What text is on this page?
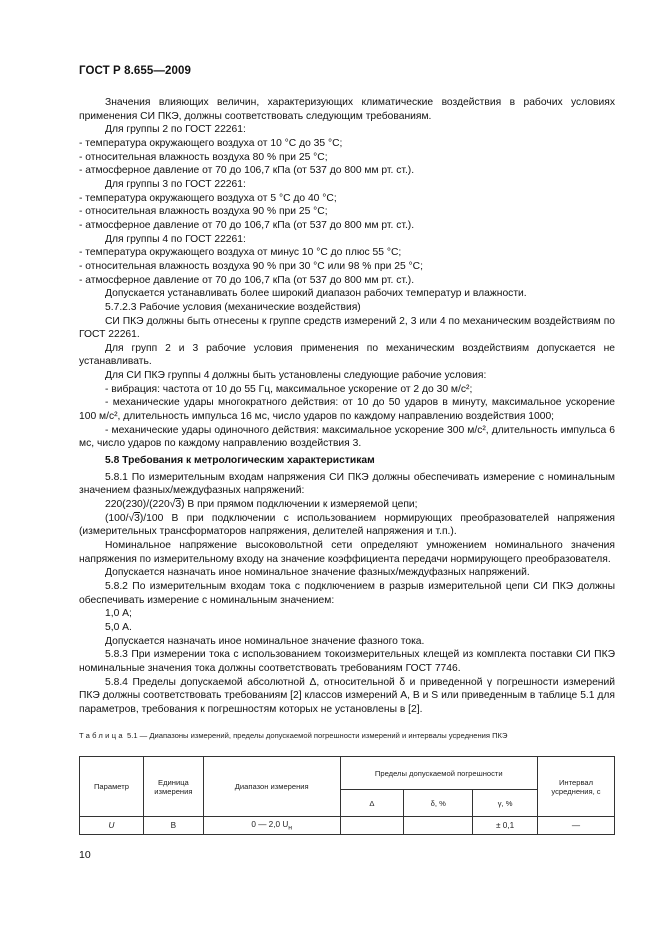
ГОСТ Р 8.655—2009
Значения влияющих величин, характеризующих климатические воздействия в рабочих условиях применения СИ ПКЭ, должны соответствовать следующим требованиям.
Для группы 2 по ГОСТ 22261:
- температура окружающего воздуха от 10 °С до 35 °С;
- относительная влажность воздуха 80 % при 25 °С;
- атмосферное давление от 70 до 106,7 кПа (от 537 до 800 мм рт. ст.).
Для группы 3 по ГОСТ 22261:
- температура окружающего воздуха от 5 °С до 40 °С;
- относительная влажность воздуха 90 % при 25 °С;
- атмосферное давление от 70 до 106,7 кПа (от 537 до 800 мм рт. ст.).
Для группы 4 по ГОСТ 22261:
- температура окружающего воздуха от минус 10 °С до плюс 55 °С;
- относительная влажность воздуха 90 % при 30 °С или 98 % при 25 °С;
- атмосферное давление от 70 до 106,7 кПа (от 537 до 800 мм рт. ст.).
Допускается устанавливать более широкий диапазон рабочих температур и влажности.
5.7.2.3 Рабочие условия (механические воздействия)
СИ ПКЭ должны быть отнесены к группе средств измерений 2, 3 или 4 по механическим воздействиям по ГОСТ 22261.
Для групп 2 и 3 рабочие условия применения по механическим воздействиям допускается не устанавливать.
Для СИ ПКЭ группы 4 должны быть установлены следующие рабочие условия:
- вибрация: частота от 10 до 55 Гц, максимальное ускорение от 2 до 30 м/с²;
- механические удары многократного действия: от 10 до 50 ударов в минуту, максимальное ускорение 100 м/с², длительность импульса 16 мс, число ударов по каждому направлению воздействия 1000;
- механические удары одиночного действия: максимальное ускорение 300 м/с², длительность импульса 6 мс, число ударов по каждому направлению воздействия 3.
5.8 Требования к метрологическим характеристикам
5.8.1 По измерительным входам напряжения СИ ПКЭ должны обеспечивать измерение с номинальным значением фазных/междуфазных напряжений:
220(230)/(220√3) В при прямом подключении к измеряемой цепи;
(100/√3)/100 В при подключении с использованием нормирующих преобразователей напряжения (измерительных трансформаторов напряжения, делителей напряжения и т.п.).
Номинальное напряжение высоковольтной сети определяют умножением номинального значения напряжения по измерительному входу на значение коэффициента передачи нормирующего преобразователя.
Допускается назначать иное номинальное значение фазных/междуфазных напряжений.
5.8.2 По измерительным входам тока с подключением в разрыв измерительной цепи СИ ПКЭ должны обеспечивать измерение с номинальным значением:
1,0 А;
5,0 А.
Допускается назначать иное номинальное значение фазного тока.
5.8.3 При измерении тока с использованием токоизмерительных клещей из комплекта поставки СИ ПКЭ номинальные значения тока должны соответствовать требованиям ГОСТ 7746.
5.8.4 Пределы допускаемой абсолютной Δ, относительной δ и приведенной γ погрешности измерений ПКЭ должны соответствовать требованиям [2] классов измерений А, В и S или приведенным в таблице 5.1 для параметров, требования к погрешностям которых не установлены в [2].
Таблица 5.1 — Диапазоны измерений, пределы допускаемой погрешности измерений и интервалы усреднения ПКЭ
Параметр	Единица измерения	Диапазон измерения	Пределы допускаемой погрешности			Интервал усреднения, с
			Δ	δ, %	γ, %	
U	В	0 — 2,0 $U_н$			± 0,1	—
10
